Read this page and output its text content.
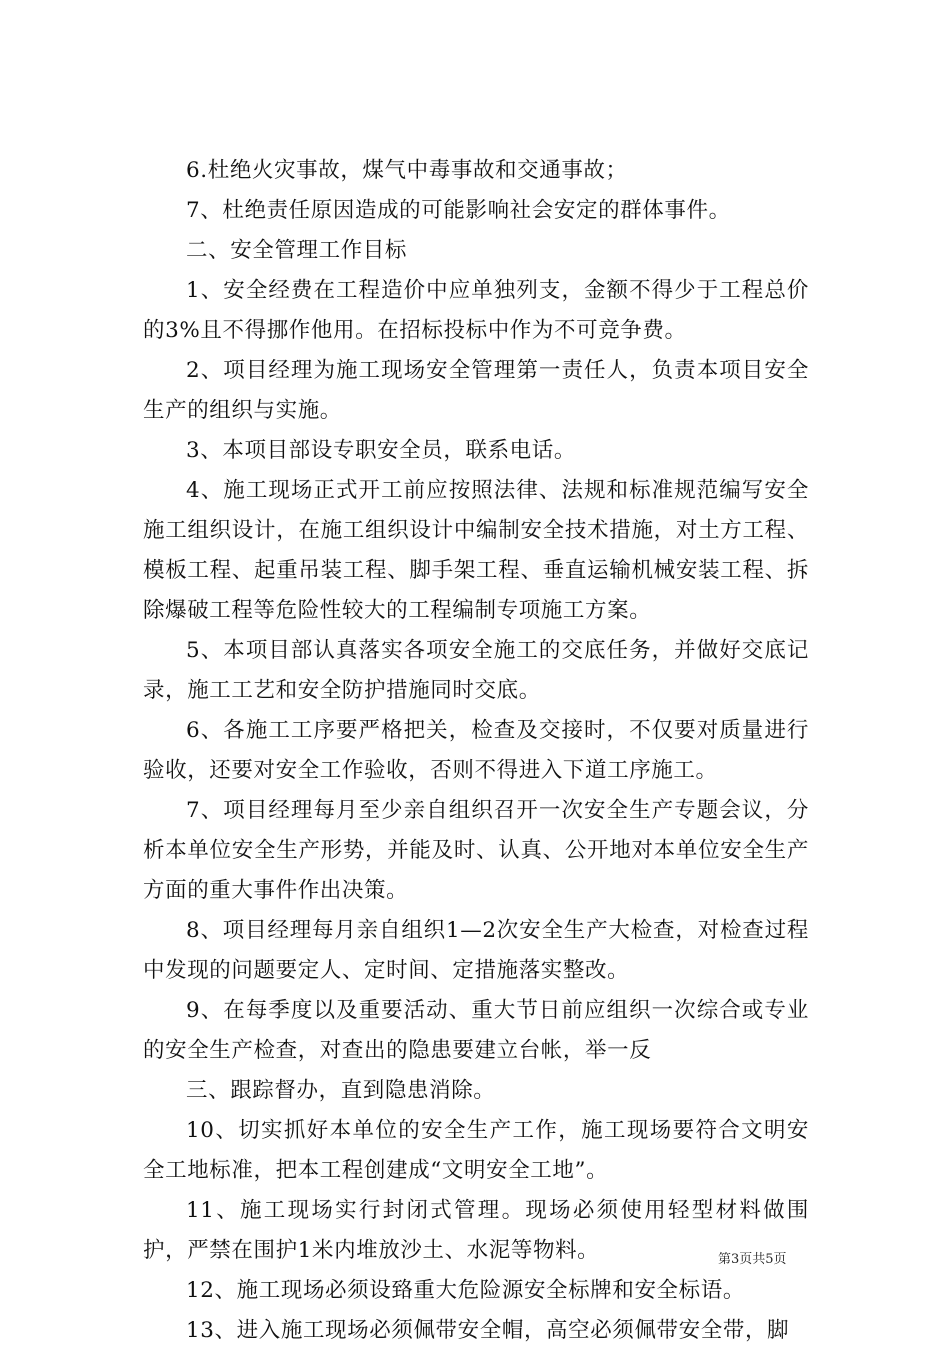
6.杜绝火灾事故，煤气中毒事故和交通事故；

7、杜绝责任原因造成的可能影响社会安定的群体事件。

二、安全管理工作目标

1、安全经费在工程造价中应单独列支，金额不得少于工程总价的3%且不得挪作他用。在招标投标中作为不可竞争费。

2、项目经理为施工现场安全管理第一责任人，负责本项目安全生产的组织与实施。

3、本项目部设专职安全员，联系电话。

4、施工现场正式开工前应按照法律、法规和标准规范编写安全施工组织设计，在施工组织设计中编制安全技术措施，对土方工程、模板工程、起重吊装工程、脚手架工程、垂直运输机械安装工程、拆除爆破工程等危险性较大的工程编制专项施工方案。

5、本项目部认真落实各项安全施工的交底任务，并做好交底记录，施工工艺和安全防护措施同时交底。

6、各施工工序要严格把关，检查及交接时，不仅要对质量进行验收，还要对安全工作验收，否则不得进入下道工序施工。

7、项目经理每月至少亲自组织召开一次安全生产专题会议，分析本单位安全生产形势，并能及时、认真、公开地对本单位安全生产方面的重大事件作出决策。

8、项目经理每月亲自组织1—2次安全生产大检查，对检查过程中发现的问题要定人、定时间、定措施落实整改。

9、在每季度以及重要活动、重大节日前应组织一次综合或专业的安全生产检查，对查出的隐患要建立台帐，举一反

三、跟踪督办，直到隐患消除。

10、切实抓好本单位的安全生产工作，施工现场要符合文明安全工地标准，把本工程创建成“文明安全工地”。

11、施工现场实行封闭式管理。现场必须使用轻型材料做围护，严禁在围护1米内堆放沙土、水泥等物料。

12、施工现场必须设臵重大危险源安全标牌和安全标语。

13、进入施工现场必须佩带安全帽，高空必须佩带安全带，脚

第3页共5页
